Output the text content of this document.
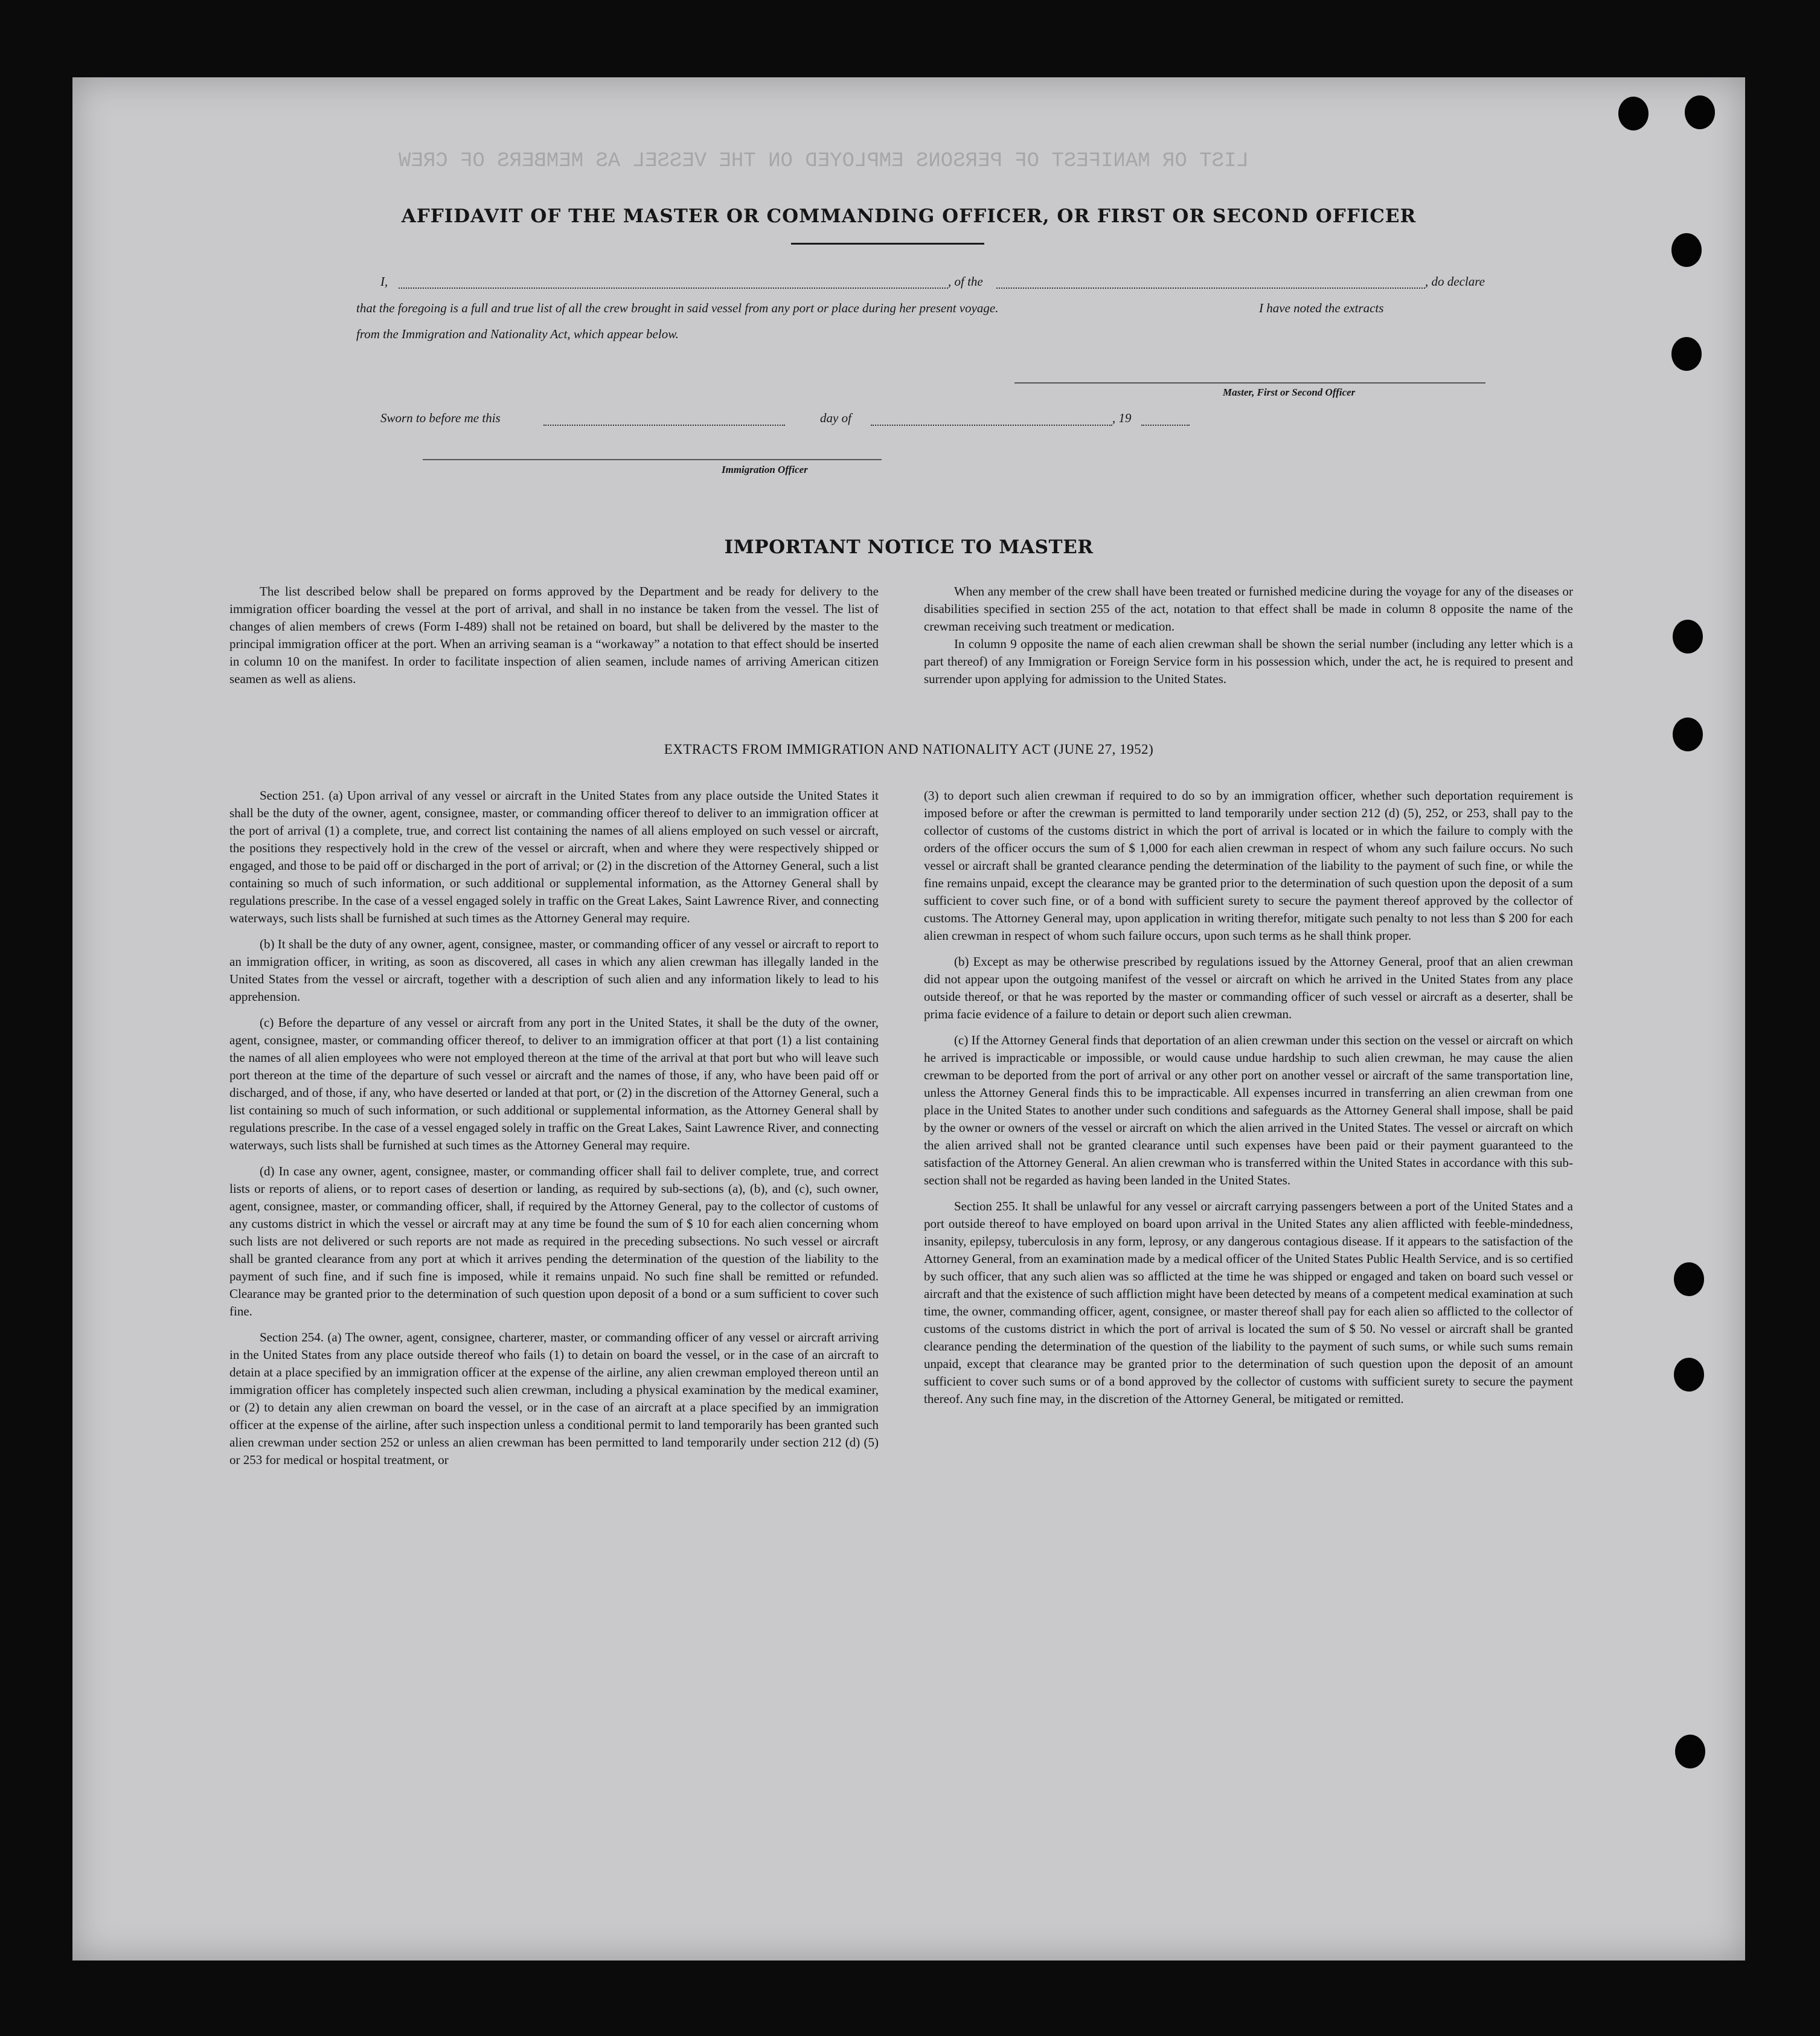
LIST OR MANIFEST OF PERSONS EMPLOYED ON THE VESSEL AS MEMBERS OF CREW
AFFIDAVIT OF THE MASTER OR COMMANDING OFFICER, OR FIRST OR SECOND OFFICER
I,	, of the	, do declare
that the foregoing is a full and true list of all the crew brought in said vessel from any port or place during her present voyage.	I have noted the extracts
from the Immigration and Nationality Act, which appear below.
Master, First or Second Officer
Sworn to before me this	day of	, 19
Immigration Officer
IMPORTANT NOTICE TO MASTER

The list described below shall be prepared on forms approved by the Department and be ready for delivery to the immigration officer boarding the vessel at the port of arrival, and shall in no instance be taken from the vessel. The list of changes of alien members of crews (Form I-489) shall not be retained on board, but shall be delivered by the master to the principal immigration officer at the port. When an arriving seaman is a “workaway” a notation to that effect should be inserted in column 10 on the manifest. In order to facilitate inspection of alien seamen, include names of arriving American citizen seamen as well as aliens.

When any member of the crew shall have been treated or furnished medicine during the voyage for any of the diseases or disabilities specified in section 255 of the act, notation to that effect shall be made in column 8 opposite the name of the crewman receiving such treatment or medication.

In column 9 opposite the name of each alien crewman shall be shown the serial number (including any letter which is a part thereof) of any Immigration or Foreign Service form in his possession which, under the act, he is required to present and surrender upon applying for admission to the United States.

EXTRACTS FROM IMMIGRATION AND NATIONALITY ACT (JUNE 27, 1952)

Section 251. (a) Upon arrival of any vessel or aircraft in the United States from any place outside the United States it shall be the duty of the owner, agent, consignee, master, or commanding officer thereof to deliver to an immigration officer at the port of arrival (1) a complete, true, and correct list containing the names of all aliens employed on such vessel or aircraft, the positions they respectively hold in the crew of the vessel or aircraft, when and where they were respectively shipped or engaged, and those to be paid off or discharged in the port of arrival; or (2) in the discretion of the Attorney General, such a list containing so much of such information, or such additional or supplemental information, as the Attorney General shall by regulations prescribe. In the case of a vessel engaged solely in traffic on the Great Lakes, Saint Lawrence River, and connecting waterways, such lists shall be furnished at such times as the Attorney General may require.

(b) It shall be the duty of any owner, agent, consignee, master, or commanding officer of any vessel or aircraft to report to an immigration officer, in writing, as soon as discovered, all cases in which any alien crewman has illegally landed in the United States from the vessel or aircraft, together with a description of such alien and any information likely to lead to his apprehension.

(c) Before the departure of any vessel or aircraft from any port in the United States, it shall be the duty of the owner, agent, consignee, master, or commanding officer thereof, to deliver to an immigration officer at that port (1) a list containing the names of all alien employees who were not employed thereon at the time of the arrival at that port but who will leave such port thereon at the time of the departure of such vessel or aircraft and the names of those, if any, who have been paid off or discharged, and of those, if any, who have deserted or landed at that port, or (2) in the discretion of the Attorney General, such a list containing so much of such information, or such additional or supplemental information, as the Attorney General shall by regulations prescribe. In the case of a vessel engaged solely in traffic on the Great Lakes, Saint Lawrence River, and connecting waterways, such lists shall be furnished at such times as the Attorney General may require.

(d) In case any owner, agent, consignee, master, or commanding officer shall fail to deliver complete, true, and correct lists or reports of aliens, or to report cases of desertion or landing, as required by sub-sections (a), (b), and (c), such owner, agent, consignee, master, or commanding officer, shall, if required by the Attorney General, pay to the collector of customs of any customs district in which the vessel or aircraft may at any time be found the sum of $ 10 for each alien concerning whom such lists are not delivered or such reports are not made as required in the preceding subsections. No such vessel or aircraft shall be granted clearance from any port at which it arrives pending the determination of the question of the liability to the payment of such fine, and if such fine is imposed, while it remains unpaid. No such fine shall be remitted or refunded. Clearance may be granted prior to the determination of such question upon deposit of a bond or a sum sufficient to cover such fine.

Section 254. (a) The owner, agent, consignee, charterer, master, or commanding officer of any vessel or aircraft arriving in the United States from any place outside thereof who fails (1) to detain on board the vessel, or in the case of an aircraft to detain at a place specified by an immigration officer at the expense of the airline, any alien crewman employed thereon until an immigration officer has completely inspected such alien crewman, including a physical examination by the medical examiner, or (2) to detain any alien crewman on board the vessel, or in the case of an aircraft at a place specified by an immigration officer at the expense of the airline, after such inspection unless a conditional permit to land temporarily has been granted such alien crewman under section 252 or unless an alien crewman has been permitted to land temporarily under section 212 (d) (5) or 253 for medical or hospital treatment, or

(3) to deport such alien crewman if required to do so by an immigration officer, whether such deportation requirement is imposed before or after the crewman is permitted to land temporarily under section 212 (d) (5), 252, or 253, shall pay to the collector of customs of the customs district in which the port of arrival is located or in which the failure to comply with the orders of the officer occurs the sum of $ 1,000 for each alien crewman in respect of whom any such failure occurs. No such vessel or aircraft shall be granted clearance pending the determination of the liability to the payment of such fine, or while the fine remains unpaid, except the clearance may be granted prior to the determination of such question upon the deposit of a sum sufficient to cover such fine, or of a bond with sufficient surety to secure the payment thereof approved by the collector of customs. The Attorney General may, upon application in writing therefor, mitigate such penalty to not less than $ 200 for each alien crewman in respect of whom such failure occurs, upon such terms as he shall think proper.

(b) Except as may be otherwise prescribed by regulations issued by the Attorney General, proof that an alien crewman did not appear upon the outgoing manifest of the vessel or aircraft on which he arrived in the United States from any place outside thereof, or that he was reported by the master or commanding officer of such vessel or aircraft as a deserter, shall be prima facie evidence of a failure to detain or deport such alien crewman.

(c) If the Attorney General finds that deportation of an alien crewman under this section on the vessel or aircraft on which he arrived is impracticable or impossible, or would cause undue hardship to such alien crewman, he may cause the alien crewman to be deported from the port of arrival or any other port on another vessel or aircraft of the same transportation line, unless the Attorney General finds this to be impracticable. All expenses incurred in transferring an alien crewman from one place in the United States to another under such conditions and safeguards as the Attorney General shall impose, shall be paid by the owner or owners of the vessel or aircraft on which the alien arrived in the United States. The vessel or aircraft on which the alien arrived shall not be granted clearance until such expenses have been paid or their payment guaranteed to the satisfaction of the Attorney General. An alien crewman who is transferred within the United States in accordance with this sub-section shall not be regarded as having been landed in the United States.

Section 255. It shall be unlawful for any vessel or aircraft carrying passengers between a port of the United States and a port outside thereof to have employed on board upon arrival in the United States any alien afflicted with feeble-mindedness, insanity, epilepsy, tuberculosis in any form, leprosy, or any dangerous contagious disease. If it appears to the satisfaction of the Attorney General, from an examination made by a medical officer of the United States Public Health Service, and is so certified by such officer, that any such alien was so afflicted at the time he was shipped or engaged and taken on board such vessel or aircraft and that the existence of such affliction might have been detected by means of a competent medical examination at such time, the owner, commanding officer, agent, consignee, or master thereof shall pay for each alien so afflicted to the collector of customs of the customs district in which the port of arrival is located the sum of $ 50. No vessel or aircraft shall be granted clearance pending the determination of the question of the liability to the payment of such sums, or while such sums remain unpaid, except that clearance may be granted prior to the determination of such question upon the deposit of an amount sufficient to cover such sums or of a bond approved by the collector of customs with sufficient surety to secure the payment thereof. Any such fine may, in the discretion of the Attorney General, be mitigated or remitted.
